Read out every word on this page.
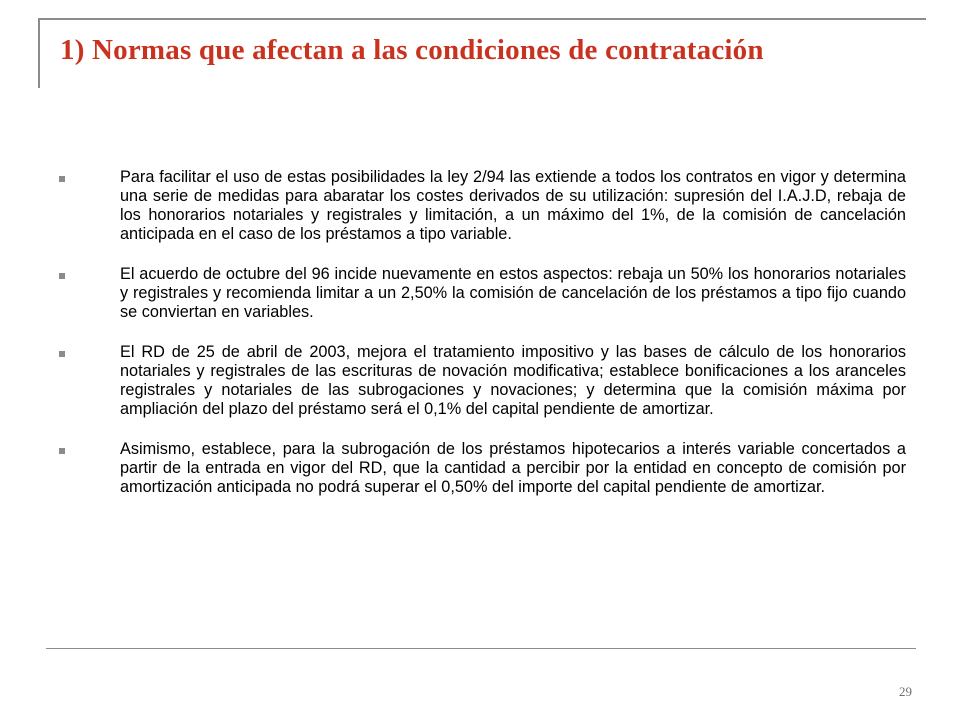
1) Normas que afectan a las condiciones de contratación
Para facilitar el uso de estas posibilidades la ley 2/94 las extiende a todos los contratos en vigor y determina una serie de medidas para abaratar los costes derivados de su utilización: supresión del I.A.J.D, rebaja de los honorarios notariales y registrales y limitación, a un máximo del 1%, de la comisión de cancelación anticipada en el caso de los préstamos a tipo variable.
El acuerdo de octubre del 96 incide nuevamente en estos aspectos: rebaja un 50% los honorarios notariales y registrales y recomienda limitar a un 2,50% la comisión de cancelación de los préstamos a tipo fijo cuando se conviertan en variables.
El RD de 25 de abril de 2003, mejora el tratamiento impositivo y las bases de cálculo de los honorarios notariales y registrales de las escrituras de novación modificativa; establece bonificaciones a los aranceles registrales y notariales de las subrogaciones y novaciones; y determina que la comisión máxima por ampliación del plazo del préstamo será el 0,1% del capital pendiente de amortizar.
Asimismo, establece, para la subrogación de los préstamos hipotecarios a interés variable concertados a partir de la entrada en vigor del RD, que la cantidad a percibir por la entidad en concepto de comisión por amortización anticipada no podrá superar el 0,50% del importe del capital pendiente de amortizar.
29
